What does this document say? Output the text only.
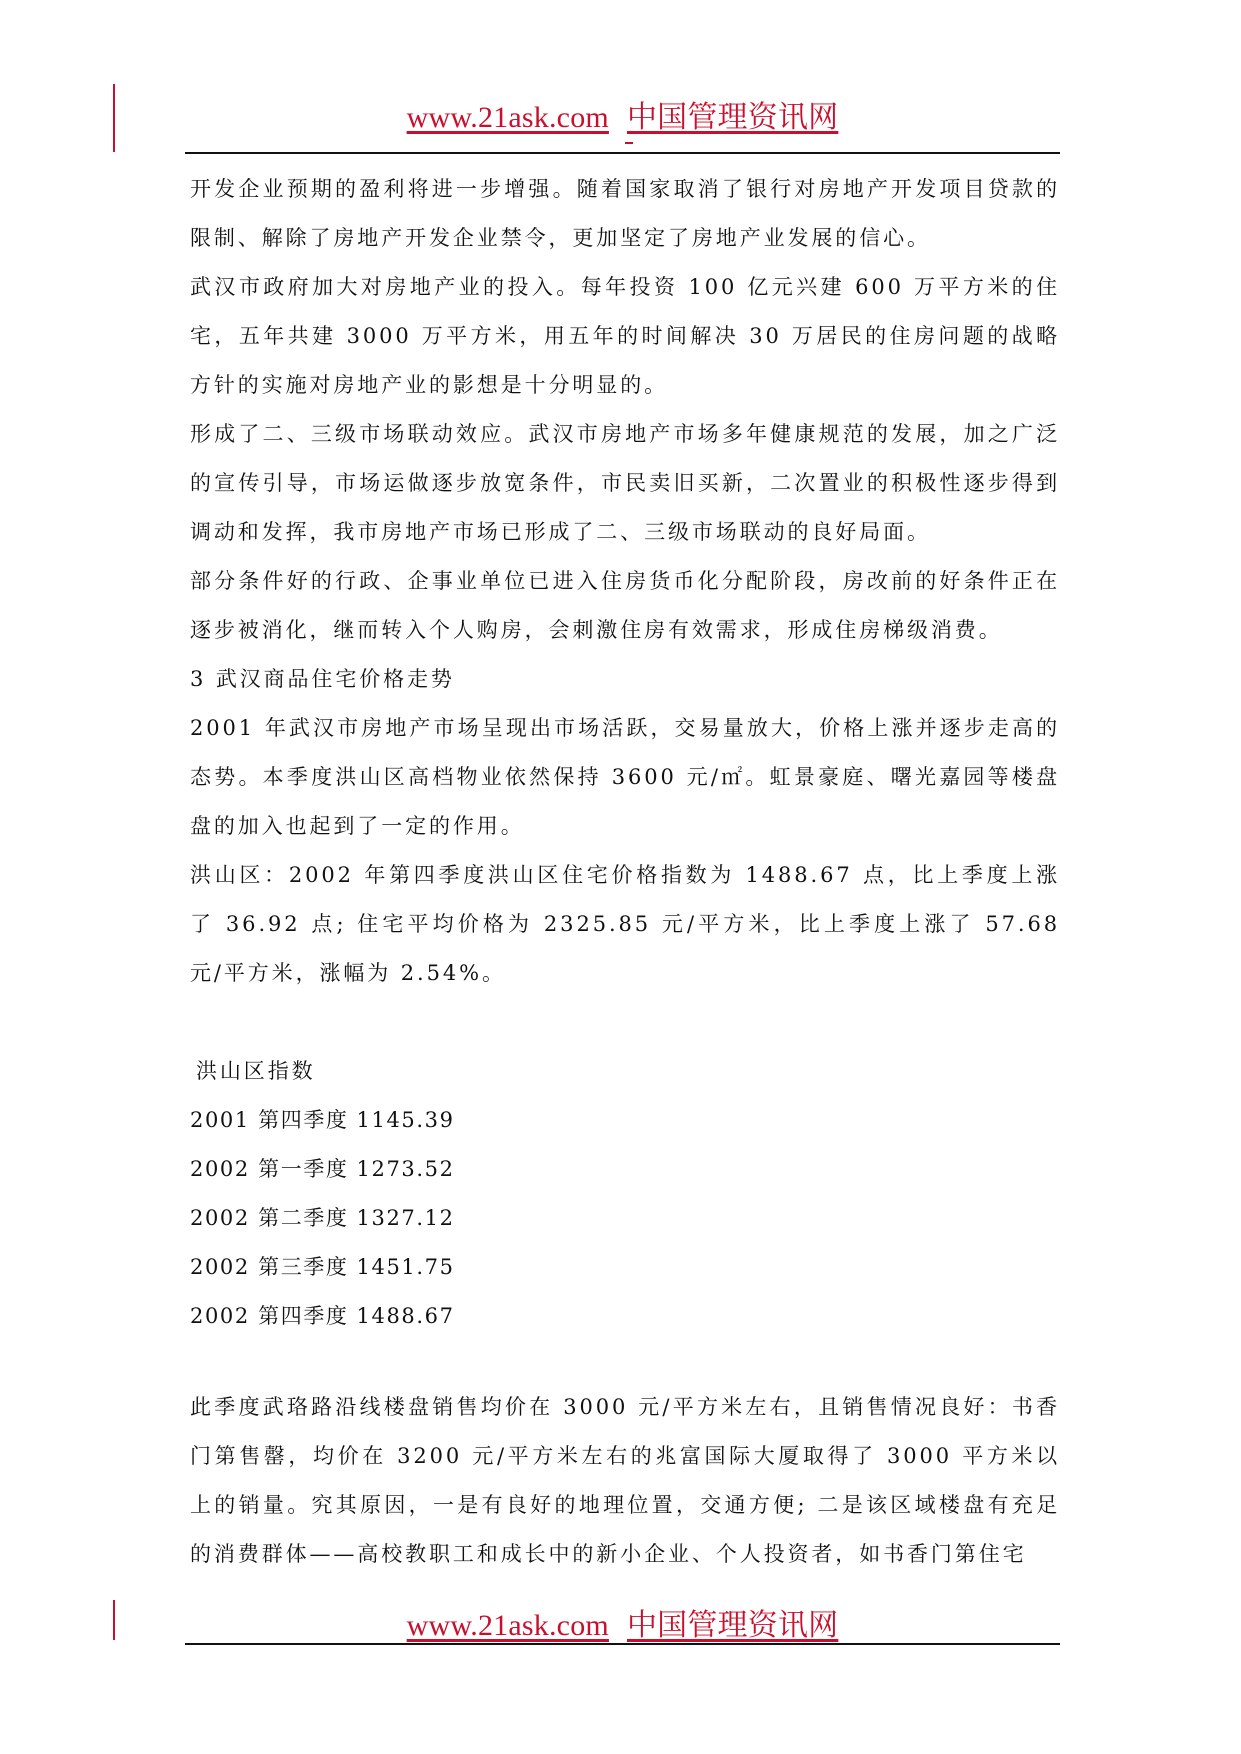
www.21ask.com 中国管理资讯网

开发企业预期的盈利将进一步增强。随着国家取消了银行对房地产开发项目贷款的限制、解除了房地产开发企业禁令，更加坚定了房地产业发展的信心。

武汉市政府加大对房地产业的投入。每年投资 100 亿元兴建 600 万平方米的住宅，五年共建 3000 万平方米，用五年的时间解决 30 万居民的住房问题的战略方针的实施对房地产业的影想是十分明显的。

形成了二、三级市场联动效应。武汉市房地产市场多年健康规范的发展，加之广泛的宣传引导，市场运做逐步放宽条件，市民卖旧买新，二次置业的积极性逐步得到调动和发挥，我市房地产市场已形成了二、三级市场联动的良好局面。

部分条件好的行政、企事业单位已进入住房货币化分配阶段，房改前的好条件正在逐步被消化，继而转入个人购房，会刺激住房有效需求，形成住房梯级消费。

3 武汉商品住宅价格走势

2001 年武汉市房地产市场呈现出市场活跃，交易量放大，价格上涨并逐步走高的态势。本季度洪山区高档物业依然保持 3600 元/㎡。虹景豪庭、曙光嘉园等楼盘盘的加入也起到了一定的作用。

洪山区：2002 年第四季度洪山区住宅价格指数为 1488.67 点，比上季度上涨了 36.92 点; 住宅平均价格为 2325.85 元/平方米，比上季度上涨了 57.68 元/平方米，涨幅为 2.54%。

洪山区指数

2001 第四季度 1145.39

2002 第一季度 1273.52

2002 第二季度 1327.12

2002 第三季度 1451.75

2002 第四季度 1488.67

此季度武珞路沿线楼盘销售均价在 3000 元/平方米左右，且销售情况良好：书香门第售罄，均价在 3200 元/平方米左右的兆富国际大厦取得了 3000 平方米以上的销量。究其原因，一是有良好的地理位置，交通方便; 二是该区域楼盘有充足的消费群体——高校教职工和成长中的新小企业、个人投资者，如书香门第住宅

www.21ask.com 中国管理资讯网
